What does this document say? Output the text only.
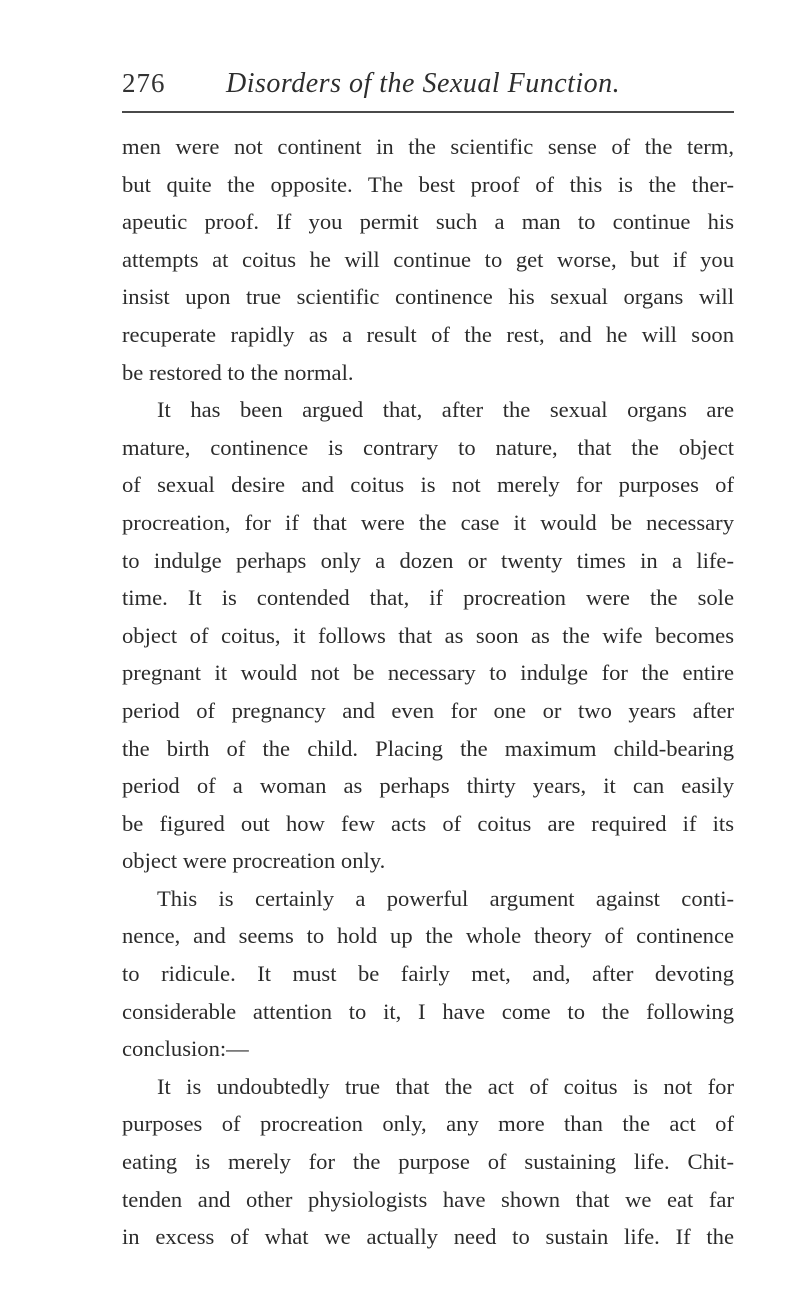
276 Disorders of the Sexual Function.
men were not continent in the scientific sense of the term,
but quite the opposite. The best proof of this is the ther-
apeutic proof. If you permit such a man to continue his
attempts at coitus he will continue to get worse, but if you
insist upon true scientific continence his sexual organs will
recuperate rapidly as a result of the rest, and he will soon
be restored to the normal.
It has been argued that, after the sexual organs are
mature, continence is contrary to nature, that the object
of sexual desire and coitus is not merely for purposes of
procreation, for if that were the case it would be necessary
to indulge perhaps only a dozen or twenty times in a life-
time. It is contended that, if procreation were the sole
object of coitus, it follows that as soon as the wife becomes
pregnant it would not be necessary to indulge for the entire
period of pregnancy and even for one or two years after
the birth of the child. Placing the maximum child-bearing
period of a woman as perhaps thirty years, it can easily
be figured out how few acts of coitus are required if its
object were procreation only.
This is certainly a powerful argument against conti-
nence, and seems to hold up the whole theory of continence
to ridicule. It must be fairly met, and, after devoting
considerable attention to it, I have come to the following
conclusion:—
It is undoubtedly true that the act of coitus is not for
purposes of procreation only, any more than the act of
eating is merely for the purpose of sustaining life. Chit-
tenden and other physiologists have shown that we eat far
in excess of what we actually need to sustain life. If the
